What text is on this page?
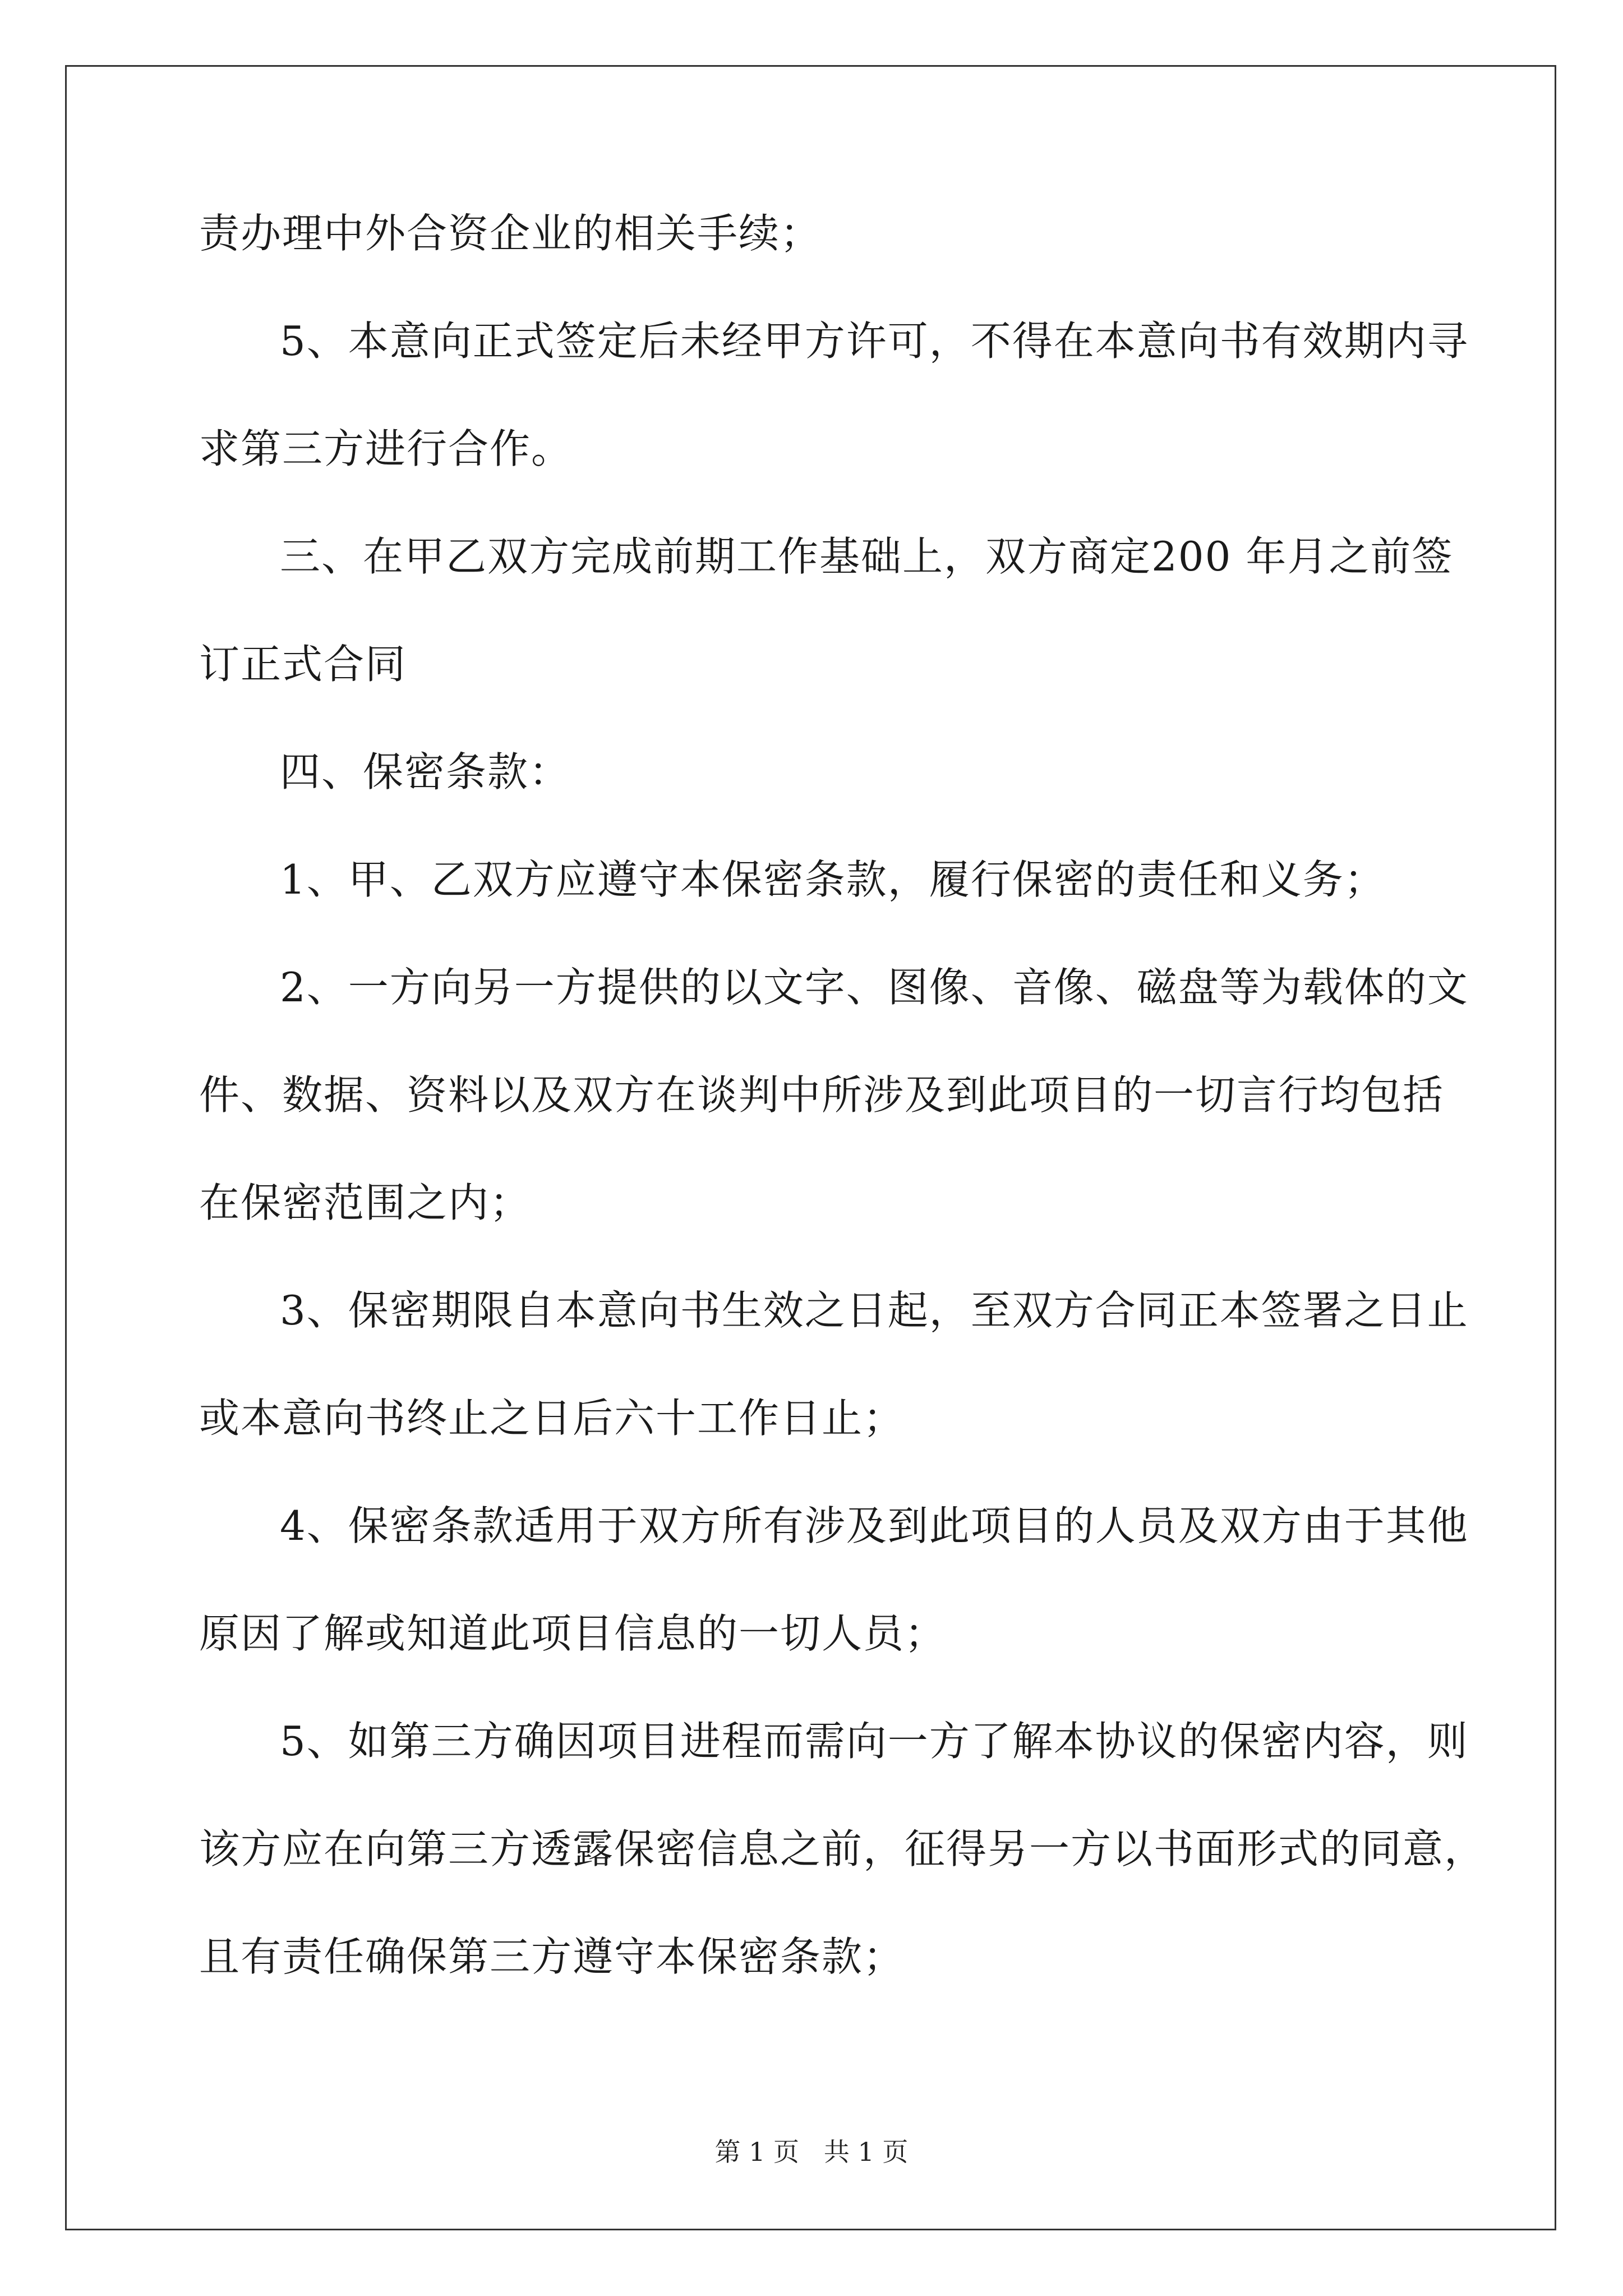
责办理中外合资企业的相关手续；
5、本意向正式签定后未经甲方许可，不得在本意向书有效期内寻
求第三方进行合作。
三、在甲乙双方完成前期工作基础上，双方商定200 年月之前签
订正式合同
四、保密条款：
1、甲、乙双方应遵守本保密条款，履行保密的责任和义务；
2、一方向另一方提供的以文字、图像、音像、磁盘等为载体的文
件、数据、资料以及双方在谈判中所涉及到此项目的一切言行均包括
在保密范围之内；
3、保密期限自本意向书生效之日起，至双方合同正本签署之日止
或本意向书终止之日后六十工作日止；
4、保密条款适用于双方所有涉及到此项目的人员及双方由于其他
原因了解或知道此项目信息的一切人员；
5、如第三方确因项目进程而需向一方了解本协议的保密内容，则
该方应在向第三方透露保密信息之前，征得另一方以书面形式的同意，
且有责任确保第三方遵守本保密条款；
第 1 页   共 1 页
